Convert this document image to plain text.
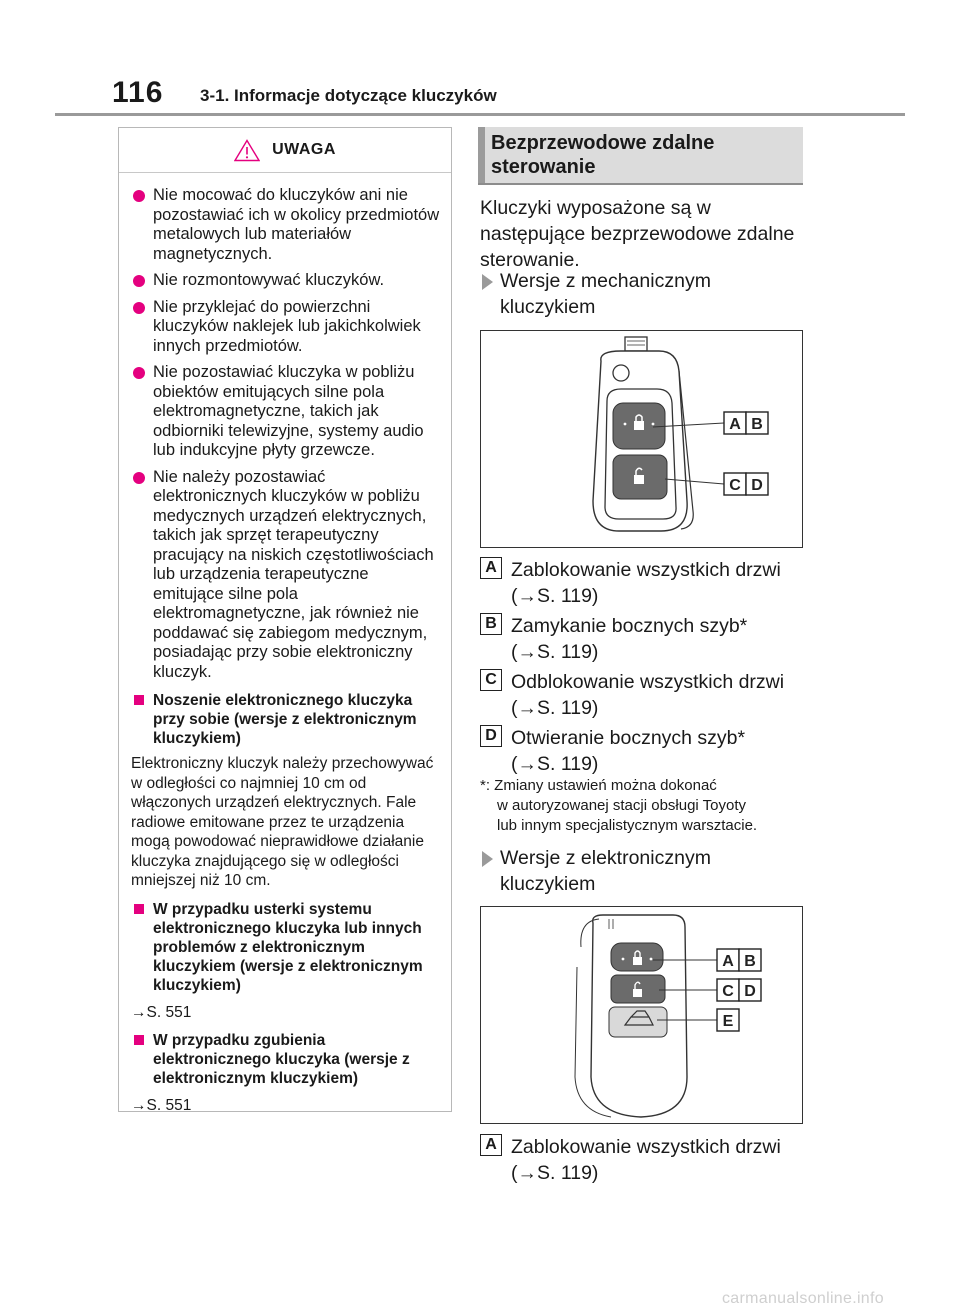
116 3-1. Informacje dotyczące kluczyków
UWAGA
Nie mocować do kluczyków ani nie pozostawiać ich w okolicy przedmiotów metalowych lub materiałów magnetycznych.
Nie rozmontowywać kluczyków.
Nie przyklejać do powierzchni kluczyków naklejek lub jakichkolwiek innych przedmiotów.
Nie pozostawiać kluczyka w pobliżu obiektów emitujących silne pola elektromagnetyczne, takich jak odbiorniki telewizyjne, systemy audio lub indukcyjne płyty grzewcze.
Nie należy pozostawiać elektronicznych kluczyków w pobliżu medycznych urządzeń elektrycznych, takich jak sprzęt terapeutyczny pracujący na niskich częstotliwościach lub urządzenia terapeutyczne emitujące silne pola elektromagnetyczne, jak również nie poddawać się zabiegom medycznym, posiadając przy sobie elektroniczny kluczyk.
Noszenie elektronicznego kluczyka przy sobie (wersje z elektronicznym kluczykiem)
Elektroniczny kluczyk należy przechowywać w odległości co najmniej 10 cm od włączonych urządzeń elektrycznych. Fale radiowe emitowane przez te urządzenia mogą powodować nieprawidłowe działanie kluczyka znajdującego się w odległości mniejszej niż 10 cm.
W przypadku usterki systemu elektronicznego kluczyka lub innych problemów z elektronicznym kluczykiem (wersje z elektronicznym kluczykiem)
→S. 551
W przypadku zgubienia elektronicznego kluczyka (wersje z elektronicznym kluczykiem)
→S. 551
Bezprzewodowe zdalne sterowanie
Kluczyki wyposażone są w następujące bezprzewodowe zdalne sterowanie.
Wersje z mechanicznym kluczykiem
A B
C D
A Zablokowanie wszystkich drzwi
(→S. 119)
B Zamykanie bocznych szyb*
(→S. 119)
C Odblokowanie wszystkich drzwi
(→S. 119)
D Otwieranie bocznych szyb*
(→S. 119)
*: Zmiany ustawień można dokonać
w autoryzowanej stacji obsługi Toyoty
lub innym specjalistycznym warsztacie.
Wersje z elektronicznym kluczykiem
A B
C D
E
A Zablokowanie wszystkich drzwi
(→S. 119)
carmanualsonline.info
